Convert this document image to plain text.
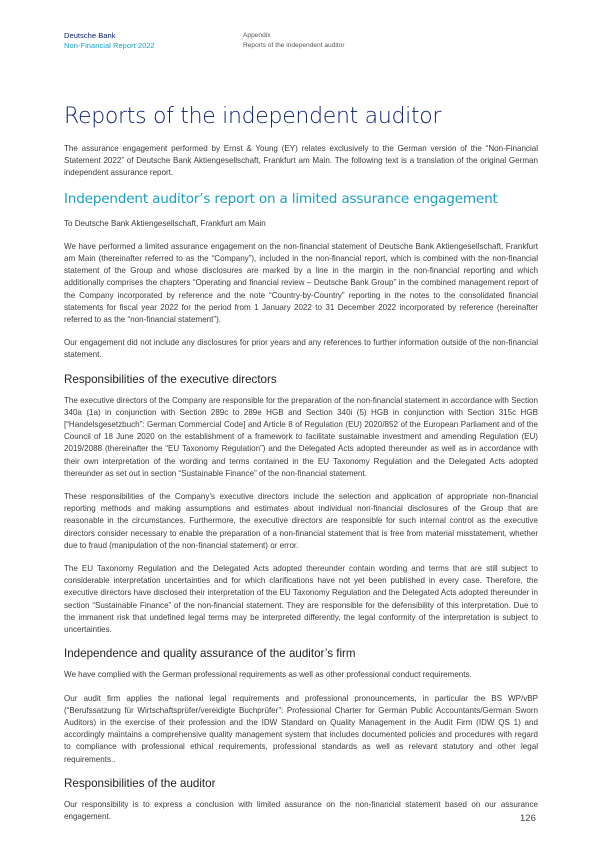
Deutsche Bank
Non-Financial Report 2022
Appendix
Reports of the independent auditor
Reports of the independent auditor

The assurance engagement performed by Ernst & Young (EY) relates exclusively to the German version of the “Non-Financial Statement 2022” of Deutsche Bank Aktiengesellschaft, Frankfurt am Main. The following text is a translation of the original German independent assurance report.

Independent auditor’s report on a limited assurance engagement

To Deutsche Bank Aktiengesellschaft, Frankfurt am Main

We have performed a limited assurance engagement on the non-financial statement of Deutsche Bank Aktiengesellschaft, Frankfurt am Main (thereinafter referred to as the “Company”), included in the non-financial report, which is combined with the non-financial statement of the Group and whose disclosures are marked by a line in the margin in the non-financial reporting and which additionally comprises the chapters “Operating and financial review – Deutsche Bank Group” in the combined management report of the Company incorporated by reference and the note “Country-by-Country” reporting in the notes to the consolidated financial statements for fiscal year 2022 for the period from 1 January 2022 to 31 December 2022 incorporated by reference (hereinafter referred to as the “non-financial statement”).

Our engagement did not include any disclosures for prior years and any references to further information outside of the non-financial statement.

Responsibilities of the executive directors

The executive directors of the Company are responsible for the preparation of the non-financial statement in accordance with Section 340a (1a) in conjunction with Section 289c to 289e HGB and Section 340i (5) HGB in conjunction with Section 315c HGB [“Handelsgesetzbuch”: German Commercial Code] and Article 8 of Regulation (EU) 2020/852 of the European Parliament and of the Council of 18 June 2020 on the establishment of a framework to facilitate sustainable investment and amending Regulation (EU) 2019/2088 (thereinafter the “EU Taxonomy Regulation”) and the Delegated Acts adopted thereunder as well as in accordance with their own interpretation of the wording and terms contained in the EU Taxonomy Regulation and the Delegated Acts adopted thereunder as set out in section “Sustainable Finance” of the non-financial statement.

These responsibilities of the Company’s executive directors include the selection and application of appropriate non-financial reporting methods and making assumptions and estimates about individual non-financial disclosures of the Group that are reasonable in the circumstances. Furthermore, the executive directors are responsible for such internal control as the executive directors consider necessary to enable the preparation of a non-financial statement that is free from material misstatement, whether due to fraud (manipulation of the non-financial statement) or error.

The EU Taxonomy Regulation and the Delegated Acts adopted thereunder contain wording and terms that are still subject to considerable interpretation uncertainties and for which clarifications have not yet been published in every case. Therefore, the executive directors have disclosed their interpretation of the EU Taxonomy Regulation and the Delegated Acts adopted thereunder in section “Sustainable Finance” of the non-financial statement. They are responsible for the defensibility of this interpretation. Due to the immanent risk that undefined legal terms may be interpreted differently, the legal conformity of the interpretation is subject to uncertainties.

Independence and quality assurance of the auditor’s firm

We have complied with the German professional requirements as well as other professional conduct requirements.

Our audit firm applies the national legal requirements and professional pronouncements, in particular the BS WP/vBP (“Berufssatzung für Wirtschaftsprüfer/vereidigte Buchprüfer”: Professional Charter for German Public Accountants/German Sworn Auditors) in the exercise of their profession and the IDW Standard on Quality Management in the Audit Firm (IDW QS 1) and accordingly maintains a comprehensive quality management system that includes documented policies and procedures with regard to compliance with professional ethical requirements, professional standards as well as relevant statutory and other legal requirements..

Responsibilities of the auditor

Our responsibility is to express a conclusion with limited assurance on the non-financial statement based on our assurance engagement.	126
